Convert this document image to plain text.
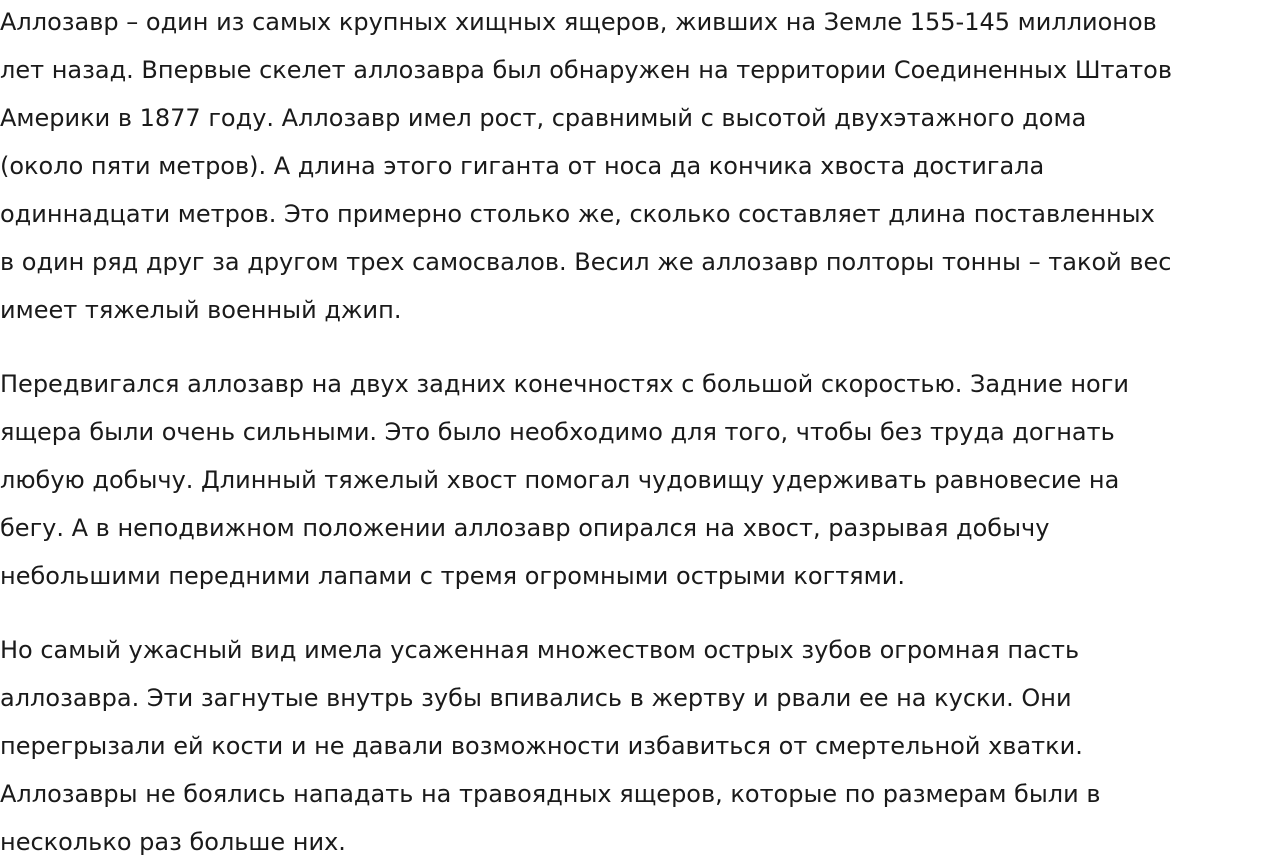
Аллозавр – один из самых крупных хищных ящеров, живших на Земле 155-145 миллионов
лет назад. Впервые скелет аллозавра был обнаружен на территории Соединенных Штатов
Америки в 1877 году. Аллозавр имел рост, сравнимый с высотой двухэтажного дома
(около пяти метров). А длина этого гиганта от носа да кончика хвоста достигала
одиннадцати метров. Это примерно столько же, сколько составляет длина поставленных
в один ряд друг за другом трех самосвалов. Весил же аллозавр полторы тонны – такой вес
имеет тяжелый военный джип.

Передвигался аллозавр на двух задних конечностях с большой скоростью. Задние ноги
ящера были очень сильными. Это было необходимо для того, чтобы без труда догнать
любую добычу. Длинный тяжелый хвост помогал чудовищу удерживать равновесие на
бегу. А в неподвижном положении аллозавр опирался на хвост, разрывая добычу
небольшими передними лапами с тремя огромными острыми когтями.

Но самый ужасный вид имела усаженная множеством острых зубов огромная пасть
аллозавра. Эти загнутые внутрь зубы впивались в жертву и рвали ее на куски. Они
перегрызали ей кости и не давали возможности избавиться от смертельной хватки.
Аллозавры не боялись нападать на травоядных ящеров, которые по размерам были в
несколько раз больше них.
